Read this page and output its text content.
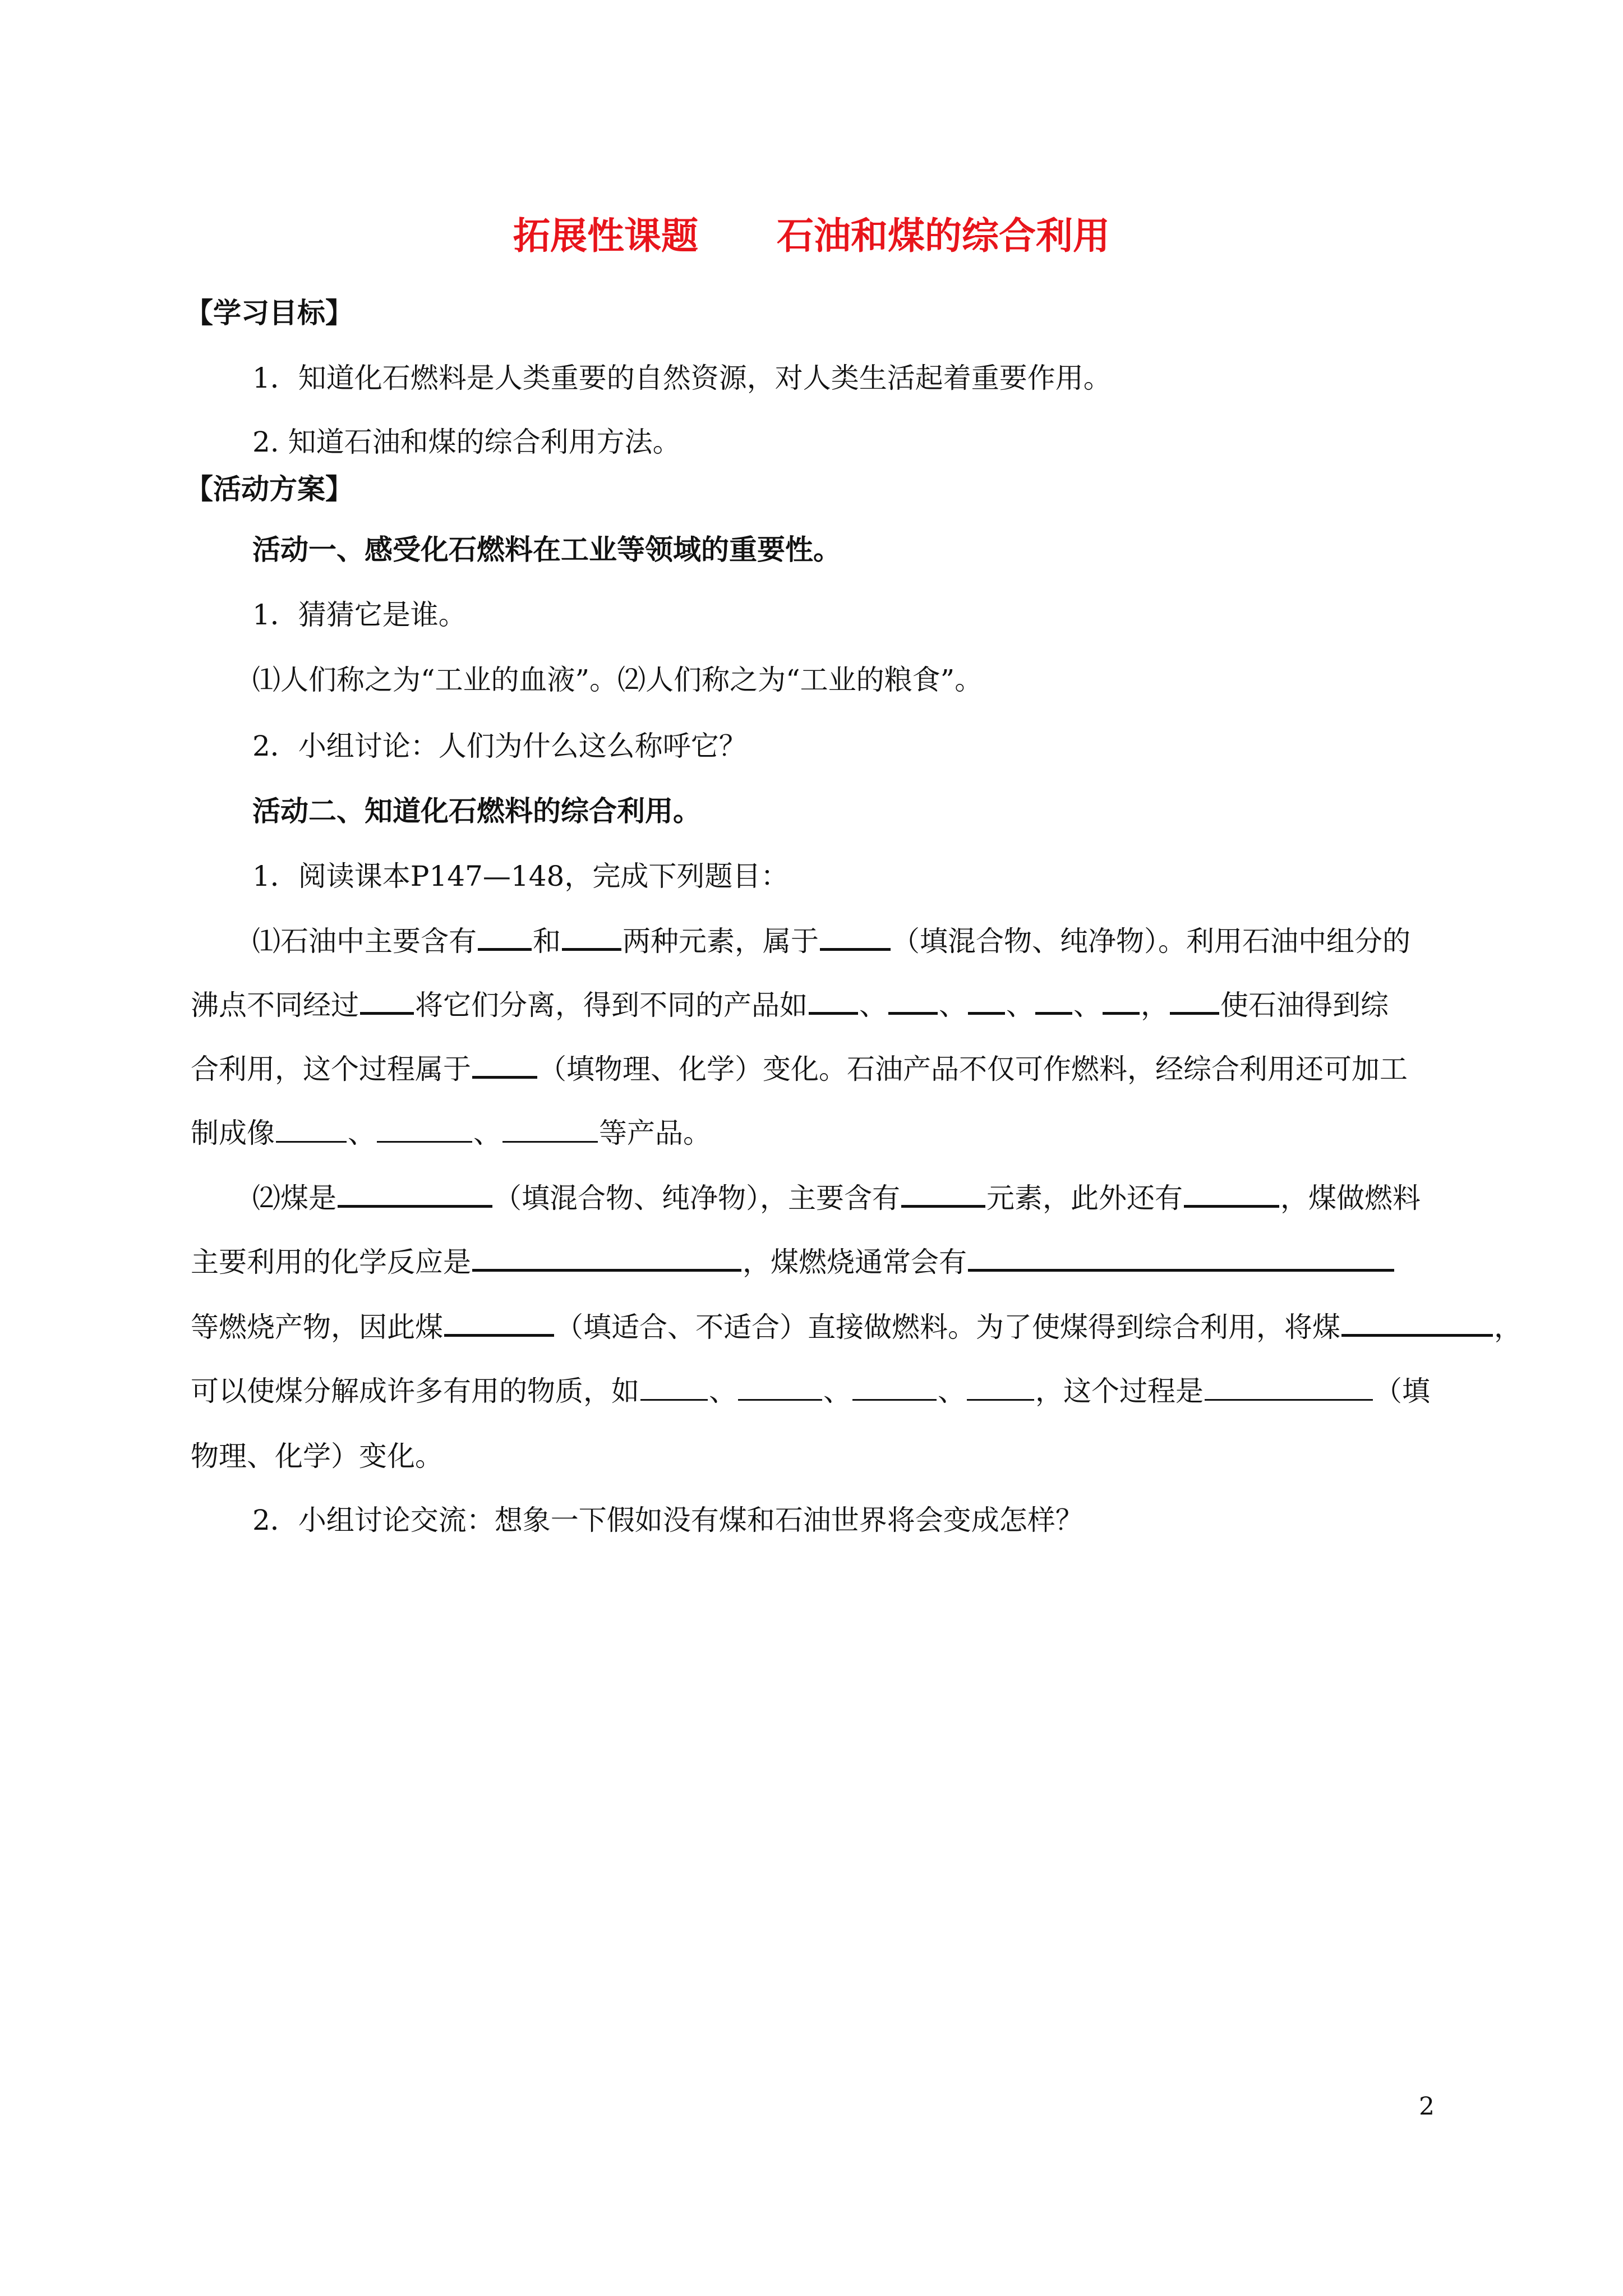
拓展性课题 石油和煤的综合利用
【学习目标】
1．知道化石燃料是人类重要的自然资源，对人类生活起着重要作用。
2. 知道石油和煤的综合利用方法。
【活动方案】
活动一、感受化石燃料在工业等领域的重要性。
1．猜猜它是谁。
⑴人们称之为“工业的血液”。⑵人们称之为“工业的粮食”。
2．小组讨论：人们为什么这么称呼它？
活动二、知道化石燃料的综合利用。
1．阅读课本P147—148，完成下列题目：
⑴石油中主要含有 和 两种元素，属于	（填混合物、纯净物）。利用石油中组分的
沸点不同经过 将它们分离，得到不同的产品如 、 、 、 、 ， 使石油得到综
合利用，这个过程属于 （填物理、化学）变化。石油产品不仅可作燃料，经综合利用还可加工
制成像	、	、	等产品。
⑵煤是	（填混合物、纯净物），主要含有	元素，此外还有	，煤做燃料
主要利用的化学反应是	，煤燃烧通常会有
等燃烧产物，因此煤	（填适合、不适合）直接做燃料。为了使煤得到综合利用，将煤	，
可以使煤分解成许多有用的物质，如 、	、	、 ，这个过程是	（填
物理、化学）变化。
2．小组讨论交流：想象一下假如没有煤和石油世界将会变成怎样？
2
